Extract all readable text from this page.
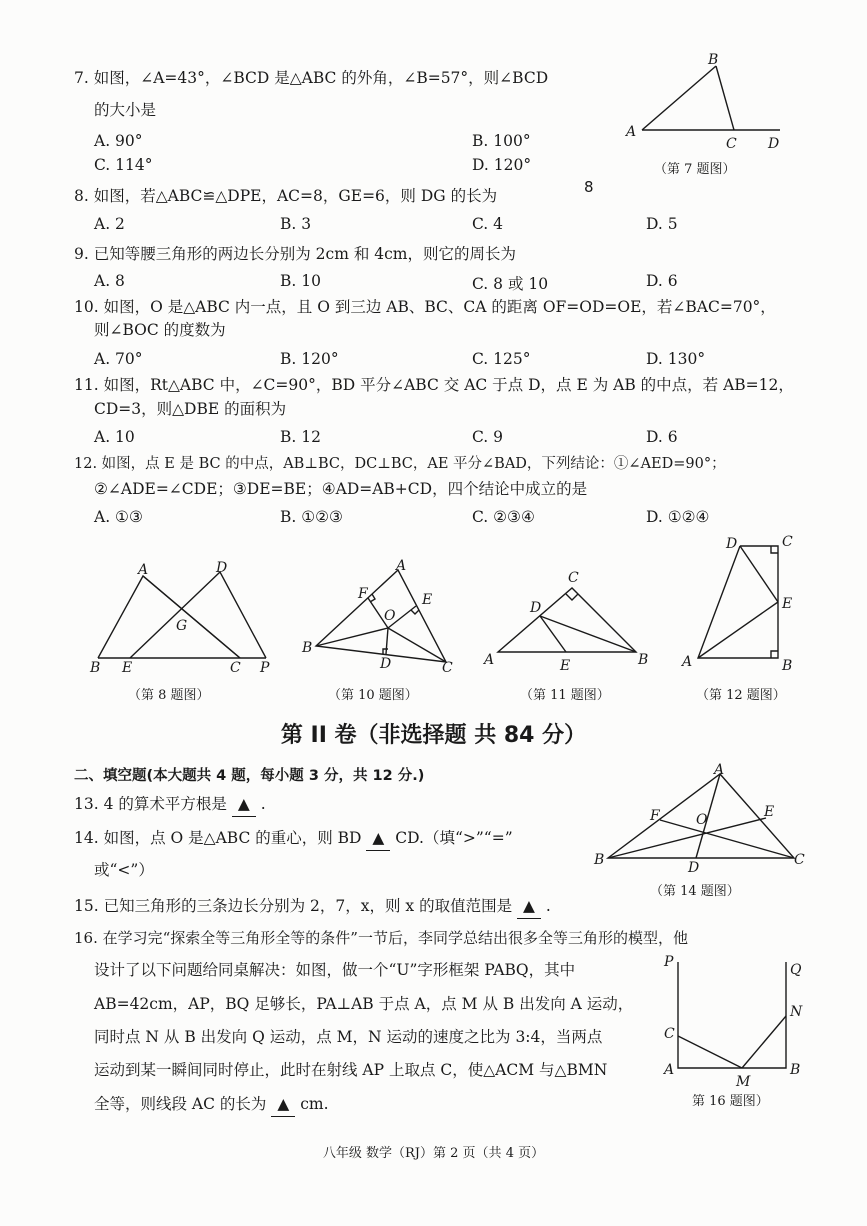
7. 如图，∠A=43°，∠BCD 是△ABC 的外角，∠B=57°，则∠BCD
的大小是
A. 90°	B. 100°
C. 114°	D. 120°
B
A
C D
（第 7 题图）
8. 如图，若△ABC≌△DPE，AC=8，GE=6，则 DG 的长为	8
A. 2	B. 3	C. 4	D. 5
9. 已知等腰三角形的两边长分别为 2cm 和 4cm，则它的周长为
A. 8	B. 10	C. 8 或 10	D. 6
10. 如图，O 是△ABC 内一点，且 O 到三边 AB、BC、CA 的距离 OF=OD=OE，若∠BAC=70°，
则∠BOC 的度数为
A. 70°	B. 120°	C. 125°	D. 130°
11. 如图，Rt△ABC 中，∠C=90°，BD 平分∠ABC 交 AC 于点 D，点 E 为 AB 的中点，若 AB=12，
CD=3，则△DBE 的面积为
A. 10	B. 12	C. 9	D. 6
12. 如图，点 E 是 BC 的中点，AB⊥BC，DC⊥BC，AE 平分∠BAD，下列结论：①∠AED=90°；
②∠ADE=∠CDE；③DE=BE；④AD=AB+CD，四个结论中成立的是
A. ①③	B. ①②③	C. ②③④	D. ①②④
A	D
G
B E	C P
（第 8 题图）
A
F	E
O
B
D	C
（第 10 题图）
C
D
A	E	B
（第 11 题图）
D	C
E
A	B
（第 12 题图）
第 II 卷（非选择题 共 84 分）
二、填空题(本大题共 4 题，每小题 3 分，共 12 分.)
13. 4 的算术平方根是 ▲ .
14. 如图，点 O 是△ABC 的重心，则 BD ▲ CD.（填“>”“=”
或“<”）
A
F	O	E
B	D	C
（第 14 题图）
15. 已知三角形的三条边长分别为 2，7，x，则 x 的取值范围是 ▲ .
16. 在学习完“探索全等三角形全等的条件”一节后，李同学总结出很多全等三角形的模型，他
设计了以下问题给同桌解决：如图，做一个“U”字形框架 PABQ，其中
AB=42cm，AP，BQ 足够长，PA⊥AB 于点 A，点 M 从 B 出发向 A 运动，
同时点 N 从 B 出发向 Q 运动，点 M，N 运动的速度之比为 3:4，当两点
运动到某一瞬间同时停止，此时在射线 AP 上取点 C，使△ACM 与△BMN
全等，则线段 AC 的长为 ▲ cm.
P	Q
N
C
A
M
B
第 16 题图）
八年级 数学（RJ）第 2 页（共 4 页）
